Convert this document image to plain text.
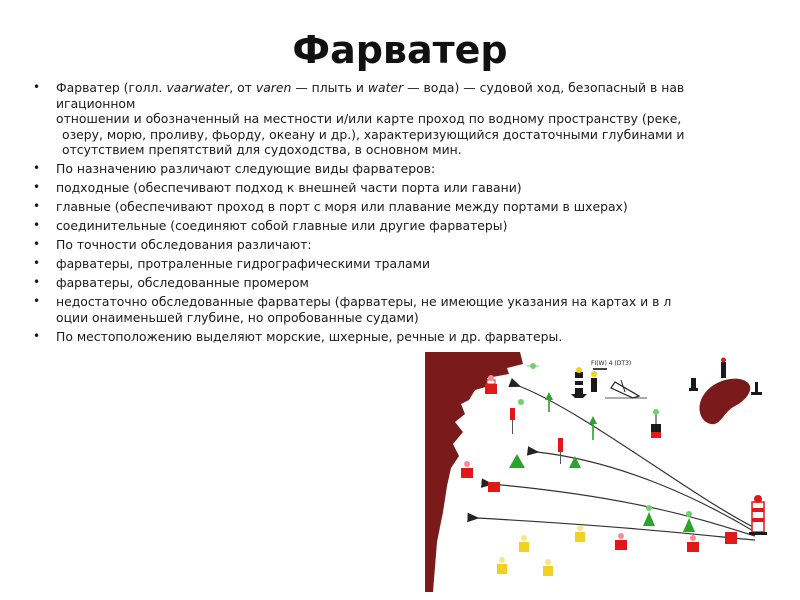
Фарватер
• Фарватер (голл. vaarwater, от varen — плыть и water — вода) — судовой ход, безопасный в нав
игационном
отношении и обозначенный на местности и/или карте проход по водному пространству (реке,
озеру, морю, проливу, фьорду, океану и др.), характеризующийся достаточными глубинами и
отсутствием препятствий для судоходства, в основном мин.
• По назначению различают следующие виды фарватеров:
• подходные (обеспечивают подход к внешней части порта или гавани)
• главные (обеспечивают проход в порт с моря или плавание между портами в шхерах)
• соединительные (соединяют собой главные или другие фарватеры)
• По точности обследования различают:
• фарватеры, протраленные гидрографическими тралами
• фарватеры, обследованные промером
• недостаточно обследованные фарватеры (фарватеры, не имеющие указания на картах и в л
оции онаименьшей глубине, но опробованные судами)
• По местоположению выделяют морские, шхерные, речные и др. фарватеры.
FI(W) 4 (DT3)
